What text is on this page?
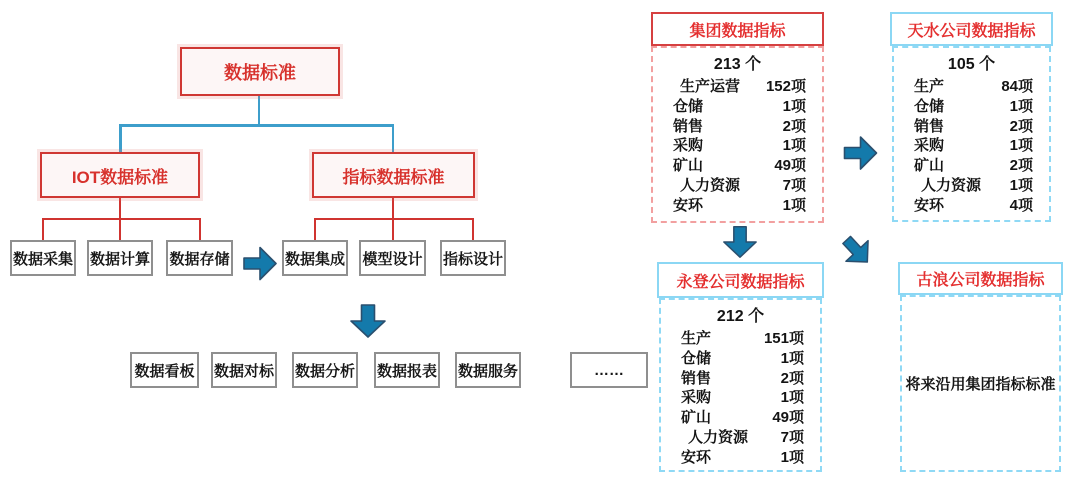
数据标准
IOT数据标准	指标数据标准
数据采集 数据计算 数据存储	数据集成 模型设计 指标设计
数据看板 数据对标 数据分析 数据报表 数据服务	……
集团数据指标
213 个
生产运营 152项
仓储	1项
销售	2项
采购	1项
矿山	49项
人力资源	7项
安环	1项
天水公司数据指标
105 个
生产	84项
仓储	1项
销售	2项
采购	1项
矿山	2项
人力资源 1项
安环	4项
永登公司数据指标
212 个
生产	151项
仓储	1项
销售	2项
采购	1项
矿山	49项
人力资源 7项
安环	1项
古浪公司数据指标
将来沿用集团指标标准
